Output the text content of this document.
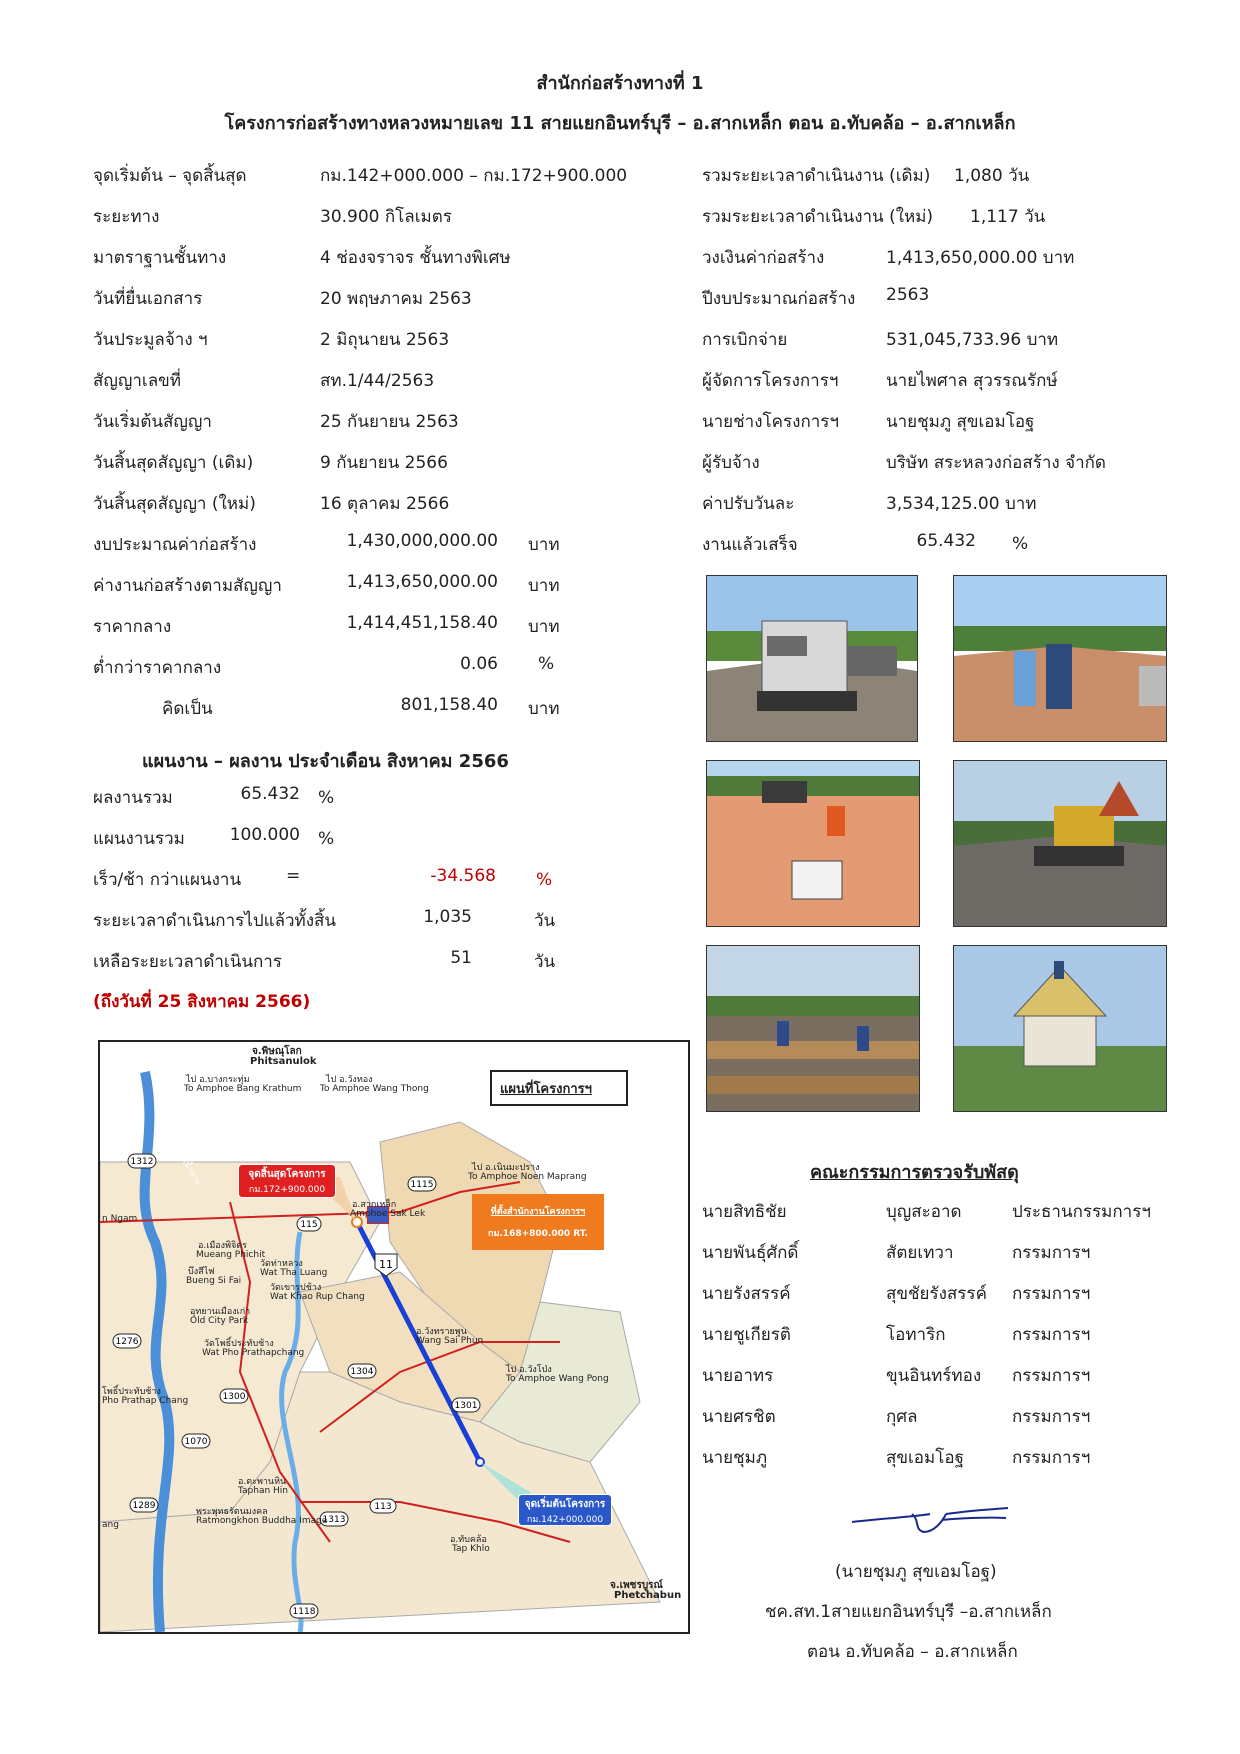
สำนักก่อสร้างทางที่ 1
โครงการก่อสร้างทางหลวงหมายเลข 11 สายแยกอินทร์บุรี – อ.สากเหล็ก ตอน อ.ทับคล้อ – อ.สากเหล็ก
จุดเริ่มต้น – จุดสิ้นสุด	กม.142+000.000 – กม.172+900.000
ระยะทาง	30.900 กิโลเมตร
มาตราฐานชั้นทาง	4 ช่องจราจร ชั้นทางพิเศษ
วันที่ยื่นเอกสาร	20 พฤษภาคม 2563
วันประมูลจ้าง ฯ	2 มิถุนายน 2563
สัญญาเลขที่	สท.1/44/2563
วันเริ่มต้นสัญญา	25 กันยายน 2563
วันสิ้นสุดสัญญา (เดิม)	9 กันยายน 2566
วันสิ้นสุดสัญญา (ใหม่)	16 ตุลาคม 2566
งบประมาณค่าก่อสร้าง	1,430,000,000.00 บาท
ค่างานก่อสร้างตามสัญญา	1,413,650,000.00 บาท
ราคากลาง	1,414,451,158.40 บาท
ต่ำกว่าราคากลาง	0.06 %
คิดเป็น	801,158.40 บาท
รวมระยะเวลาดำเนินงาน (เดิม) 1,080 วัน
รวมระยะเวลาดำเนินงาน (ใหม่) 1,117 วัน
วงเงินค่าก่อสร้าง	1,413,650,000.00 บาท
ปีงบประมาณก่อสร้าง 2563
การเบิกจ่าย	531,045,733.96 บาท
ผู้จัดการโครงการฯ	นายไพศาล สุวรรณรักษ์
นายช่างโครงการฯ	นายชุมภู สุขเอมโอฐ
ผู้รับจ้าง	บริษัท สระหลวงก่อสร้าง จำกัด
ค่าปรับวันละ	3,534,125.00 บาท
งานแล้วเสร็จ	65.432 %
แผนงาน – ผลงาน ประจำเดือน สิงหาคม 2566
ผลงานรวม	65.432 %
แผนงานรวม	100.000 %
เร็ว/ช้า กว่าแผนงาน	=	-34.568 %
ระยะเวลาดำเนินการไปแล้วทั้งสิ้น	1,035	วัน
เหลือระยะเวลาดำเนินการ	51	วัน
(ถึงวันที่ 25 สิงหาคม 2566)
1312
1115
115
11
1276
1304
1300
1301
1070
1289
1313
113
1118
แผนที่โครงการฯ
จ.พิษณุโลก
Phitsanulok
ไป อ.บางกระทุ่ม
To Amphoe Bang Krathum
ไป อ.วังทอง
To Amphoe Wang Thong
ไป อ.เนินมะปราง
To Amphoe Noen Maprang
จุดสิ้นสุดโครงการ
กม.172+900.000
ที่ตั้งสำนักงานโครงการฯ
กม.168+800.000 RT.
อ.สากเหล็ก
Amphoe Sak Lek
n Ngam
อ.เมืองพิจิตร
Mueang Phichit
บึงสีไฟ
Bueng Si Fai
วัดท่าหลวง
Wat Tha Luang
วัดเขารูปช้าง
Wat Khao Rup Chang
อุทยานเมืองเก่า
Old City Park
อ.วังทรายพูน
Wang Sai Phun
วัดโพธิ์ประทับช้าง
Wat Pho Prathapchang
ไป อ.วังโป่ง
To Amphoe Wang Pong
โพธิ์ประทับช้าง
Pho Prathap Chang
อ.ตะพานหิน
Taphan Hin
พระพุทธรัตนมงคล
Ratmongkhon Buddha Image
ang
จุดเริ่มต้นโครงการ
กม.142+000.000
อ.ทับคล้อ
Tap Khlo
จ.เพชรบูรณ์
Phetchabun
แม่น้ำน่าน	คณะกรรมการตรวจรับพัสดุ
นายสิทธิชัย	บุญสะอาด	ประธานกรรมการฯ
นายพันธุ์ศักดิ์	สัตยเทวา	กรรมการฯ
นายรังสรรค์	สุขชัยรังสรรค์ กรรมการฯ
นายชูเกียรติ	โอทาริก	กรรมการฯ
นายอาทร	ขุนอินทร์ทอง กรรมการฯ
นายศรชิต	กุศล	กรรมการฯ
นายชุมภู	สุขเอมโอฐ	กรรมการฯ
(นายชุมภู สุขเอมโอฐ)
ชค.สท.1สายแยกอินทร์บุรี –อ.สากเหล็ก
ตอน อ.ทับคล้อ – อ.สากเหล็ก
